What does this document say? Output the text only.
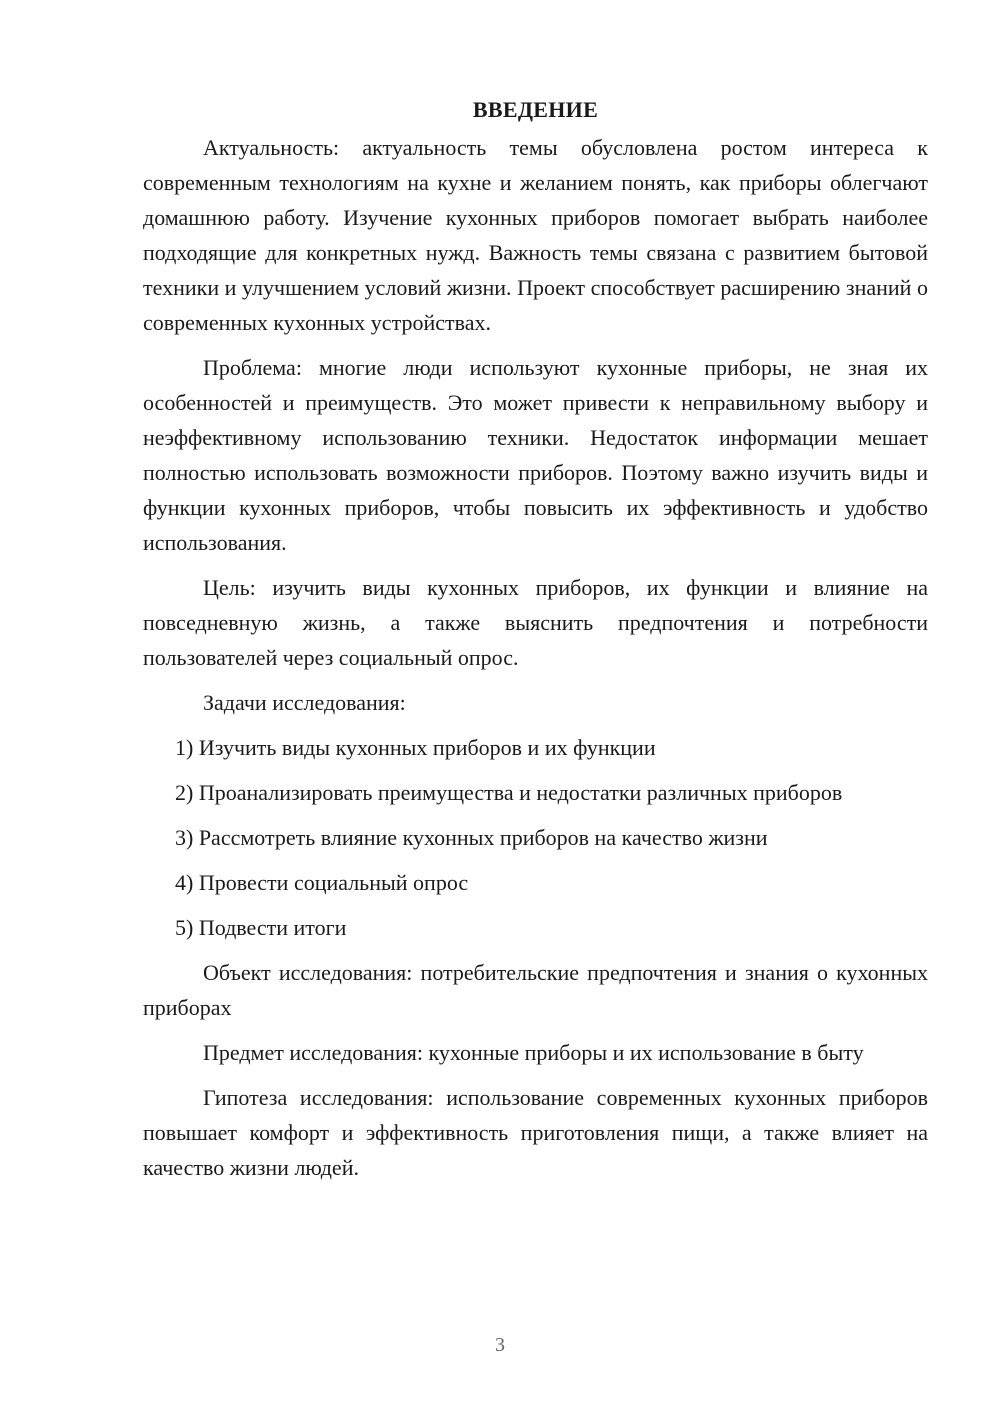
ВВЕДЕНИЕ

Актуальность: актуальность темы обусловлена ростом интереса к современным технологиям на кухне и желанием понять, как приборы облегчают домашнюю работу. Изучение кухонных приборов помогает выбрать наиболее подходящие для конкретных нужд. Важность темы связана с развитием бытовой техники и улучшением условий жизни. Проект способствует расширению знаний о современных кухонных устройствах.

Проблема: многие люди используют кухонные приборы, не зная их особенностей и преимуществ. Это может привести к неправильному выбору и неэффективному использованию техники. Недостаток информации мешает полностью использовать возможности приборов. Поэтому важно изучить виды и функции кухонных приборов, чтобы повысить их эффективность и удобство использования.

Цель: изучить виды кухонных приборов, их функции и влияние на повседневную жизнь, а также выяснить предпочтения и потребности пользователей через социальный опрос.

Задачи исследования:

1) Изучить виды кухонных приборов и их функции

2) Проанализировать преимущества и недостатки различных приборов

3) Рассмотреть влияние кухонных приборов на качество жизни

4) Провести социальный опрос

5) Подвести итоги

Объект исследования: потребительские предпочтения и знания о кухонных приборах

Предмет исследования: кухонные приборы и их использование в быту

Гипотеза исследования: использование современных кухонных приборов повышает комфорт и эффективность приготовления пищи, а также влияет на качество жизни людей.

3
